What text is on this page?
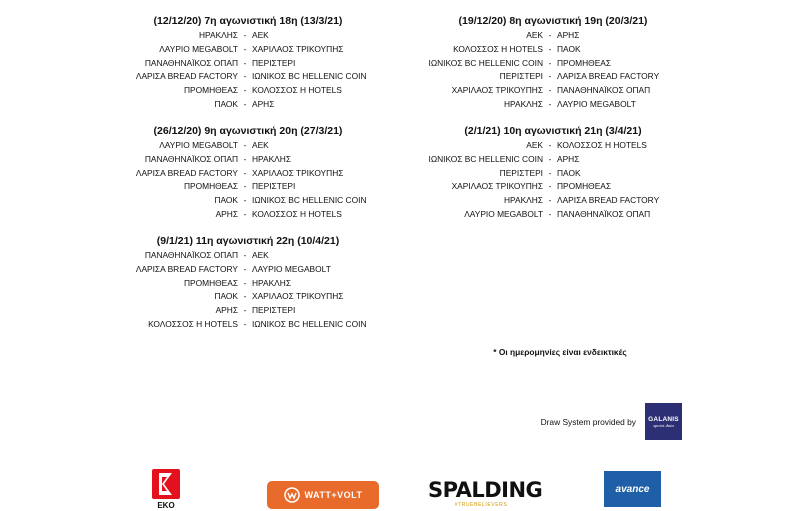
(12/12/20) 7η αγωνιστική 18η (13/3/21)
ΗΡΑΚΛΗΣ - ΑΕΚ
ΛΑΥΡΙΟ MEGABOLT - ΧΑΡΙΛΑΟΣ ΤΡΙΚΟΥΠΗΣ
ΠΑΝΑΘΗΝΑΪΚΟΣ ΟΠΑΠ - ΠΕΡΙΣΤΕΡΙ
ΛΑΡΙΣΑ BREAD FACTORY - ΙΩΝΙΚΟΣ ΒC HELLENIC COIN
ΠΡΟΜΗΘΕΑΣ - ΚΟΛΟΣΣΟΣ Η HOTELS
ΠΑΟΚ - ΑΡΗΣ
(19/12/20) 8η αγωνιστική 19η (20/3/21)
ΑΕΚ - ΑΡΗΣ
ΚΟΛΟΣΣΟΣ Η HOTELS - ΠΑΟΚ
ΙΩΝΙΚΟΣ ΒC HELLENIC COIN - ΠΡΟΜΗΘΕΑΣ
ΠΕΡΙΣΤΕΡΙ - ΛΑΡΙΣΑ BREAD FACTORY
ΧΑΡΙΛΑΟΣ ΤΡΙΚΟΥΠΗΣ - ΠΑΝΑΘΗΝΑΪΚΟΣ ΟΠΑΠ
ΗΡΑΚΛΗΣ - ΛΑΥΡΙΟ MEGABOLT
(26/12/20) 9η αγωνιστική 20η (27/3/21)
ΛΑΥΡΙΟ MEGABOLT - ΑΕΚ
ΠΑΝΑΘΗΝΑΪΚΟΣ ΟΠΑΠ - ΗΡΑΚΛΗΣ
ΛΑΡΙΣΑ BREAD FACTORY - ΧΑΡΙΛΑΟΣ ΤΡΙΚΟΥΠΗΣ
ΠΡΟΜΗΘΕΑΣ - ΠΕΡΙΣΤΕΡΙ
ΠΑΟΚ - ΙΩΝΙΚΟΣ ΒC HELLENIC COIN
ΑΡΗΣ - ΚΟΛΟΣΣΟΣ Η HOTELS
(2/1/21) 10η αγωνιστική 21η (3/4/21)
ΑΕΚ - ΚΟΛΟΣΣΟΣ Η HOTELS
ΙΩΝΙΚΟΣ ΒC HELLENIC COIN - ΑΡΗΣ
ΠΕΡΙΣΤΕΡΙ - ΠΑΟΚ
ΧΑΡΙΛΑΟΣ ΤΡΙΚΟΥΠΗΣ - ΠΡΟΜΗΘΕΑΣ
ΗΡΑΚΛΗΣ - ΛΑΡΙΣΑ BREAD FACTORY
ΛΑΥΡΙΟ MEGABOLT - ΠΑΝΑΘΗΝΑΪΚΟΣ ΟΠΑΠ
(9/1/21) 11η αγωνιστική 22η (10/4/21)
ΠΑΝΑΘΗΝΑΪΚΟΣ ΟΠΑΠ - ΑΕΚ
ΛΑΡΙΣΑ BREAD FACTORY - ΛΑΥΡΙΟ MEGABOLT
ΠΡΟΜΗΘΕΑΣ - ΗΡΑΚΛΗΣ
ΠΑΟΚ - ΧΑΡΙΛΑΟΣ ΤΡΙΚΟΥΠΗΣ
ΑΡΗΣ - ΠΕΡΙΣΤΕΡΙ
ΚΟΛΟΣΣΟΣ Η HOTELS - ΙΩΝΙΚΟΣ ΒC HELLENIC COIN
* Οι ημερομηνίες είναι ενδεικτικές
Draw System provided by GALANIS
sports data
EKO
WATT+VOLT	SPALDING
#TRUEBELIEVERS
avance
